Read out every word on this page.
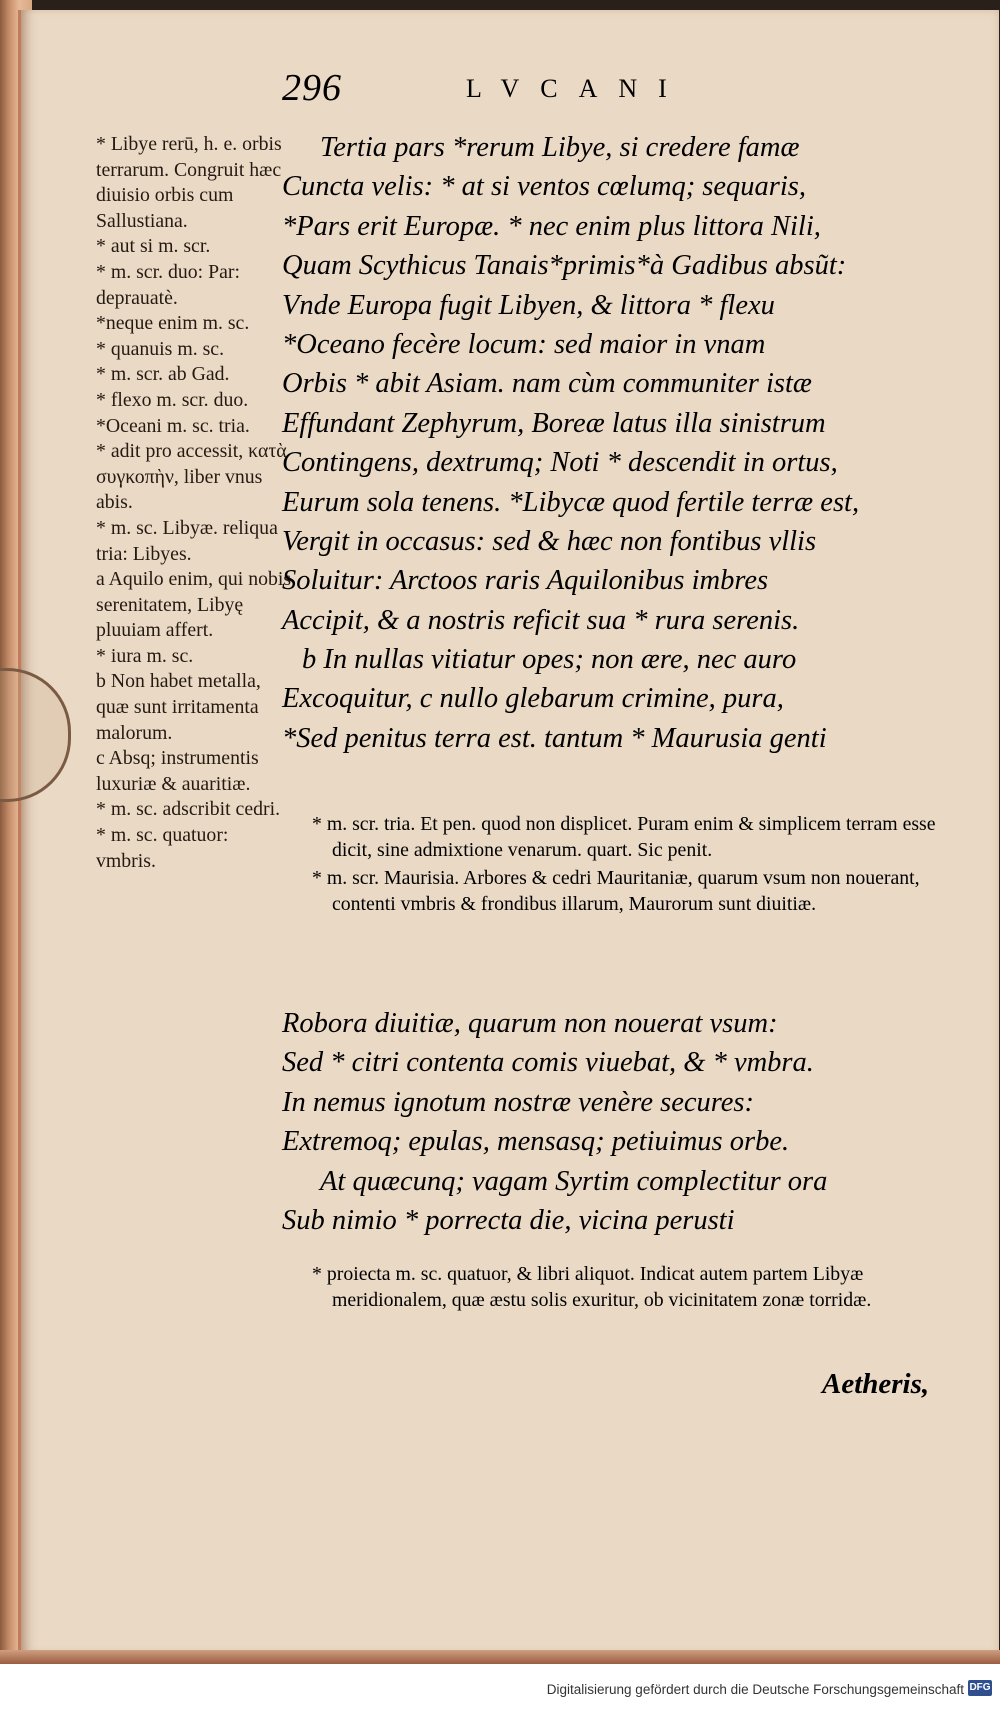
296	LVCANI

* Libye rerū, h. e. orbis terrarum. Congruit hæc diuisio orbis cum Sallustiana.

* aut si m. scr.

* m. scr. duo: Par: deprauatè.

*neque enim m. sc.

* quanuis m. sc.

* m. scr. ab Gad.

* flexo m. scr. duo.

*Oceani m. sc. tria.

* adit pro accessit, κατὰ συγκοπὴν, liber vnus abis.

* m. sc. Libyæ. reliqua tria: Libyes.

a Aquilo enim, qui nobis serenitatem, Libyę pluuiam affert.

* iura m. sc.

b Non habet metalla, quæ sunt irritamenta malorum.

c Absq; instrumentis luxuriæ & auaritiæ.

* m. sc. adscribit cedri.

* m. sc. quatuor: vmbris.

Tertia pars *rerum Libye, si credere famæ
Cuncta velis: * at si ventos cœlumq; sequaris,
*Pars erit Europæ. * nec enim plus littora Nili,
Quam Scythicus Tanais*primis*à Gadibus absũt:
Vnde Europa fugit Libyen, & littora * flexu
*Oceano fecère locum: sed maior in vnam
Orbis * abit Asiam. nam cùm communiter istæ
Effundant Zephyrum, Boreæ latus illa sinistrum
Contingens, dextrumq; Noti * descendit in ortus,
Eurum sola tenens. *Libycæ quod fertile terræ est,
Vergit in occasus: sed & hæc non fontibus vllis
Soluitur: Arctoos raris Aquilonibus imbres
Accipit, & a nostris reficit sua * rura serenis.
b In nullas vitiatur opes; non ære, nec auro
Excoquitur, c nullo glebarum crimine, pura,
*Sed penitus terra est. tantum * Maurusia genti

* m. scr. tria. Et pen. quod non displicet. Puram enim & simplicem terram esse dicit, sine admixtione venarum. quart. Sic penit.

* m. scr. Maurisia. Arbores & cedri Mauritaniæ, quarum vsum non nouerant, contenti vmbris & frondibus illarum, Maurorum sunt diuitiæ.

Robora diuitiæ, quarum non nouerat vsum:
Sed * citri contenta comis viuebat, & * vmbra.
In nemus ignotum nostræ venère secures:
Extremoq; epulas, mensasq; petiuimus orbe.
At quæcunq; vagam Syrtim complectitur ora
Sub nimio * porrecta die, vicina perusti

* proiecta m. sc. quatuor, & libri aliquot. Indicat autem partem Libyæ meridionalem, quæ æstu solis exuritur, ob vicinitatem zonæ torridæ.

Aetheris,
Digitalisierung gefördert durch die Deutsche Forschungsgemeinschaft DFG
